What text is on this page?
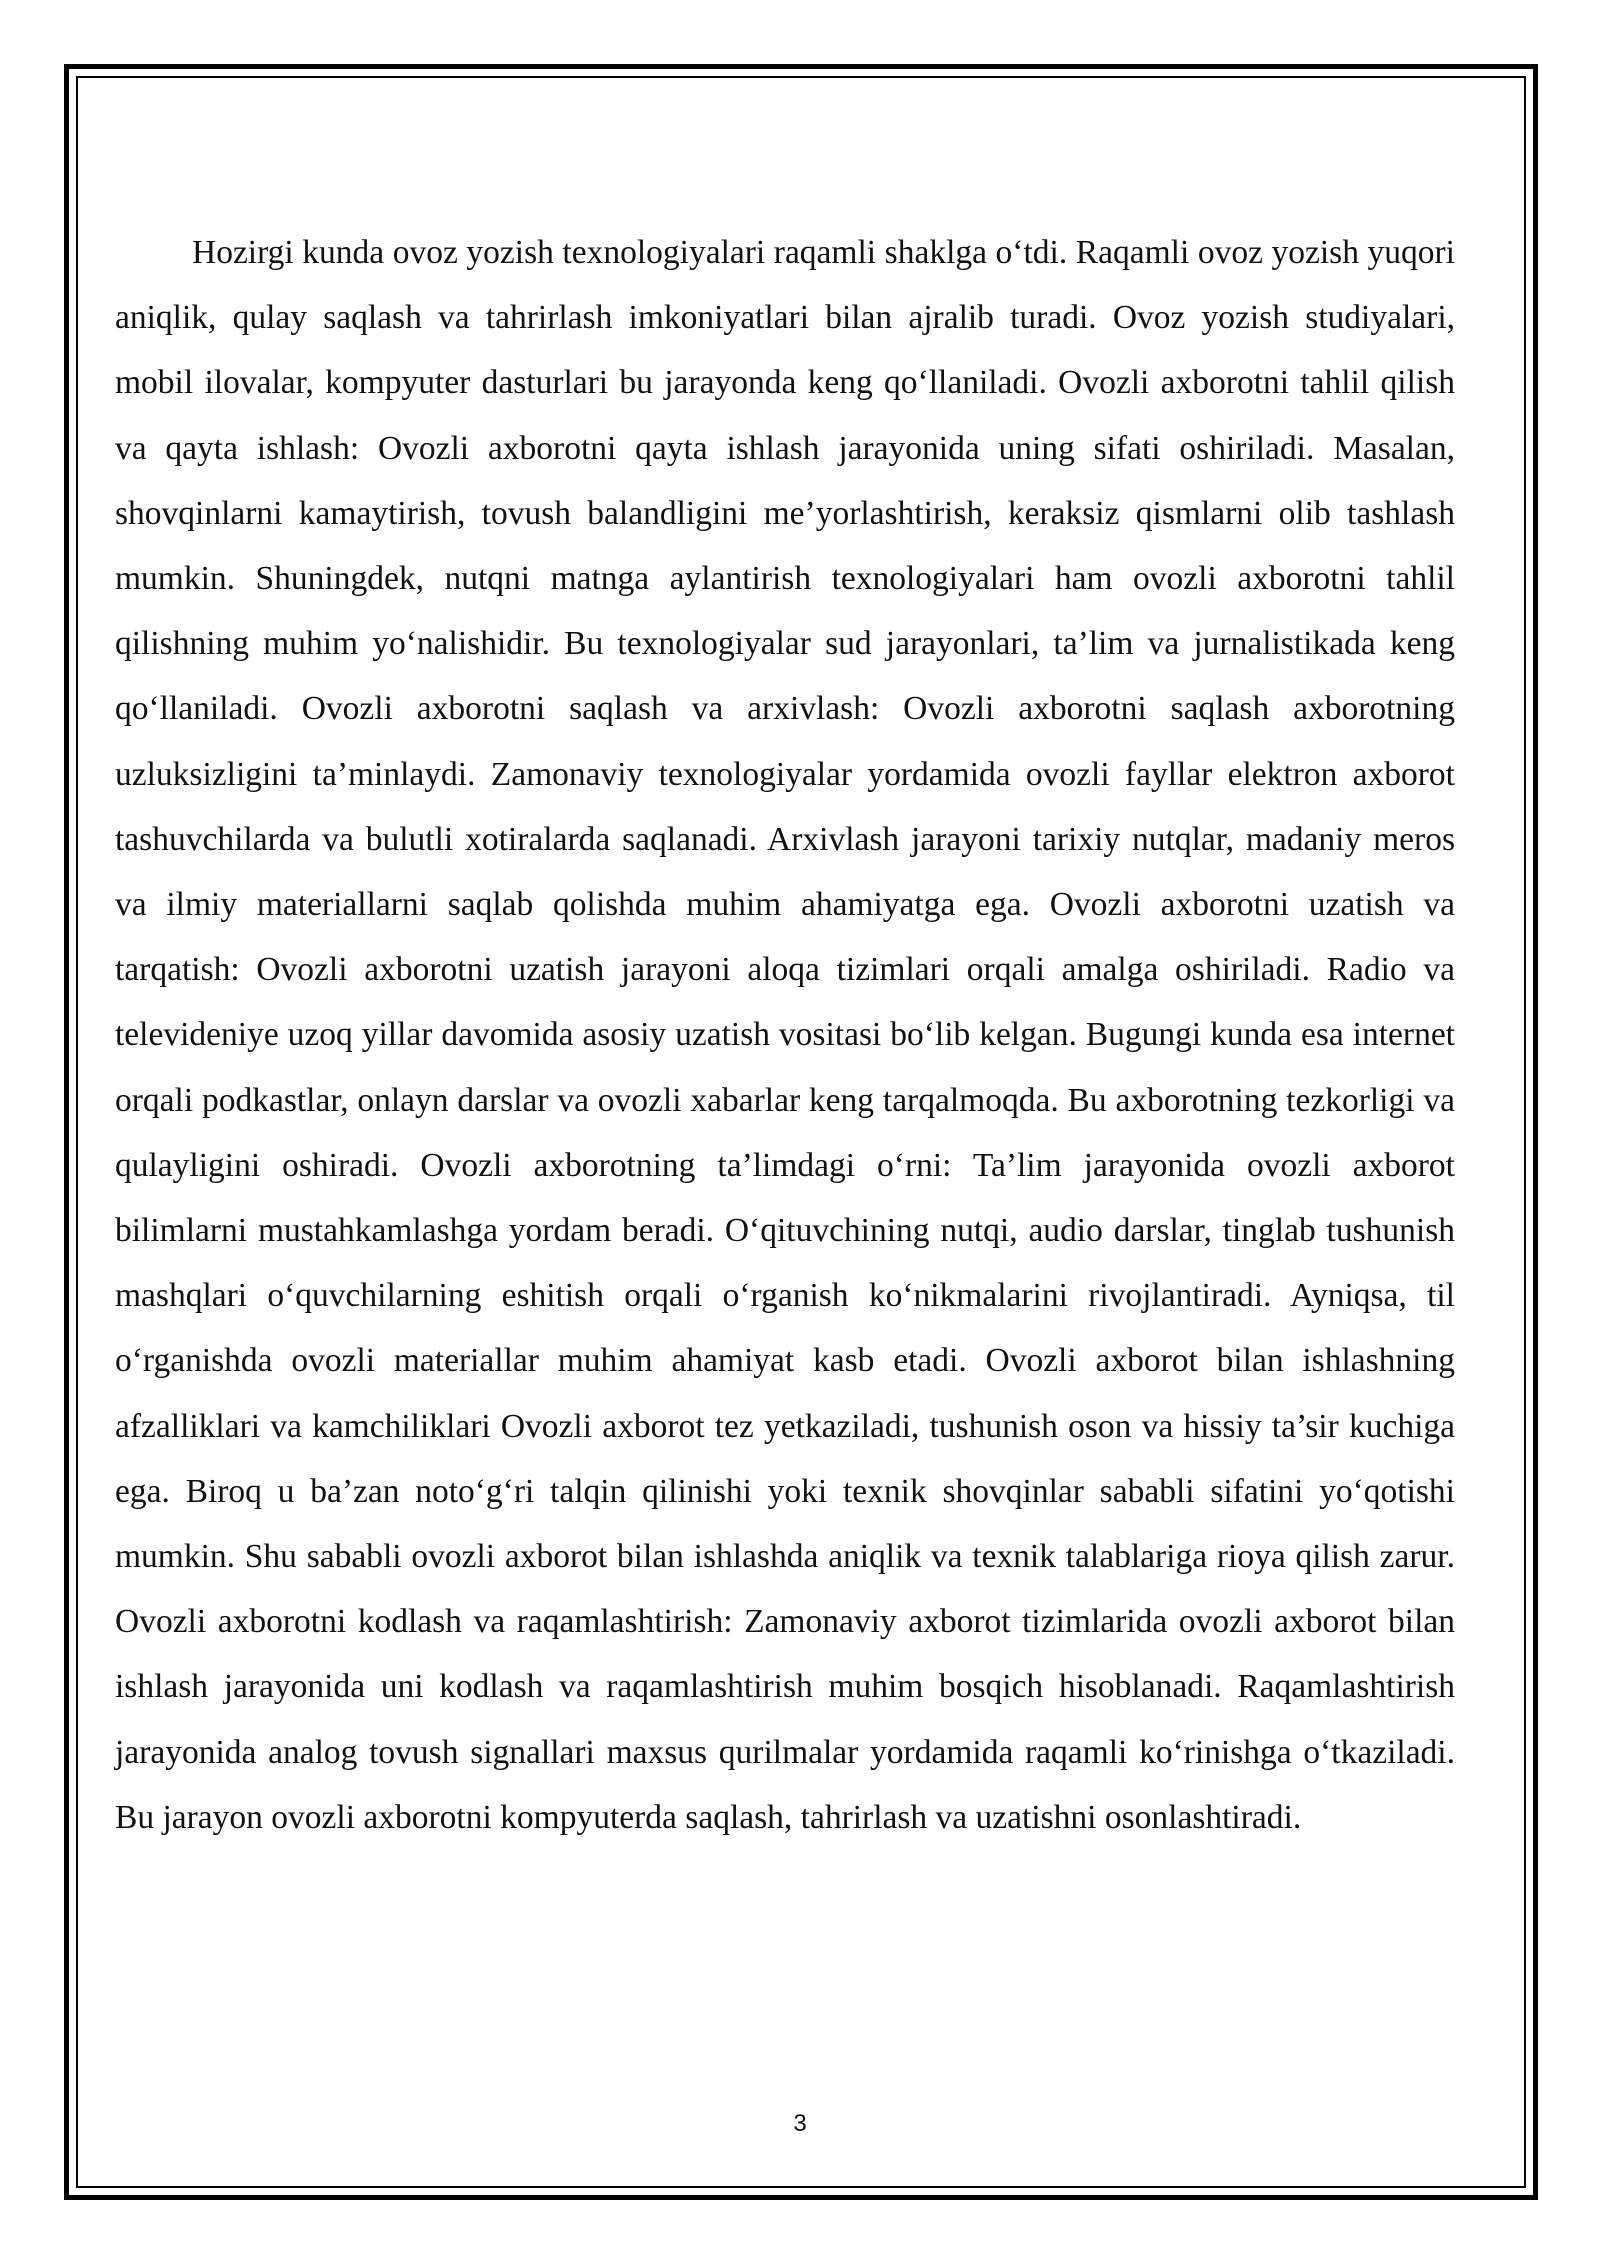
Hozirgi kunda ovoz yozish texnologiyalari raqamli shaklga o‘tdi. Raqamli ovoz yozish yuqori aniqlik, qulay saqlash va tahrirlash imkoniyatlari bilan ajralib turadi. Ovoz yozish studiyalari, mobil ilovalar, kompyuter dasturlari bu jarayonda keng qo‘llaniladi. Ovozli axborotni tahlil qilish va qayta ishlash: Ovozli axborotni qayta ishlash jarayonida uning sifati oshiriladi. Masalan, shovqinlarni kamaytirish, tovush balandligini me’yorlashtirish, keraksiz qismlarni olib tashlash mumkin. Shuningdek, nutqni matnga aylantirish texnologiyalari ham ovozli axborotni tahlil qilishning muhim yo‘nalishidir. Bu texnologiyalar sud jarayonlari, ta’lim va jurnalistikada keng qo‘llaniladi. Ovozli axborotni saqlash va arxivlash: Ovozli axborotni saqlash axborotning uzluksizligini ta’minlaydi. Zamonaviy texnologiyalar yordamida ovozli fayllar elektron axborot tashuvchilarda va bulutli xotiralarda saqlanadi. Arxivlash jarayoni tarixiy nutqlar, madaniy meros va ilmiy materiallarni saqlab qolishda muhim ahamiyatga ega. Ovozli axborotni uzatish va tarqatish: Ovozli axborotni uzatish jarayoni aloqa tizimlari orqali amalga oshiriladi. Radio va televideniye uzoq yillar davomida asosiy uzatish vositasi bo‘lib kelgan. Bugungi kunda esa internet orqali podkastlar, onlayn darslar va ovozli xabarlar keng tarqalmoqda. Bu axborotning tezkorligi va qulayligini oshiradi. Ovozli axborotning ta’limdagi o‘rni: Ta’lim jarayonida ovozli axborot bilimlarni mustahkamlashga yordam beradi. O‘qituvchining nutqi, audio darslar, tinglab tushunish mashqlari o‘quvchilarning eshitish orqali o‘rganish ko‘nikmalarini rivojlantiradi. Ayniqsa, til o‘rganishda ovozli materiallar muhim ahamiyat kasb etadi. Ovozli axborot bilan ishlashning afzalliklari va kamchiliklari Ovozli axborot tez yetkaziladi, tushunish oson va hissiy ta’sir kuchiga ega. Biroq u ba’zan noto‘g‘ri talqin qilinishi yoki texnik shovqinlar sababli sifatini yo‘qotishi mumkin. Shu sababli ovozli axborot bilan ishlashda aniqlik va texnik talablariga rioya qilish zarur. Ovozli axborotni kodlash va raqamlashtirish: Zamonaviy axborot tizimlarida ovozli axborot bilan ishlash jarayonida uni kodlash va raqamlashtirish muhim bosqich hisoblanadi. Raqamlashtirish jarayonida analog tovush signallari maxsus qurilmalar yordamida raqamli ko‘rinishga o‘tkaziladi. Bu jarayon ovozli axborotni kompyuterda saqlash, tahrirlash va uzatishni osonlashtiradi.

3
